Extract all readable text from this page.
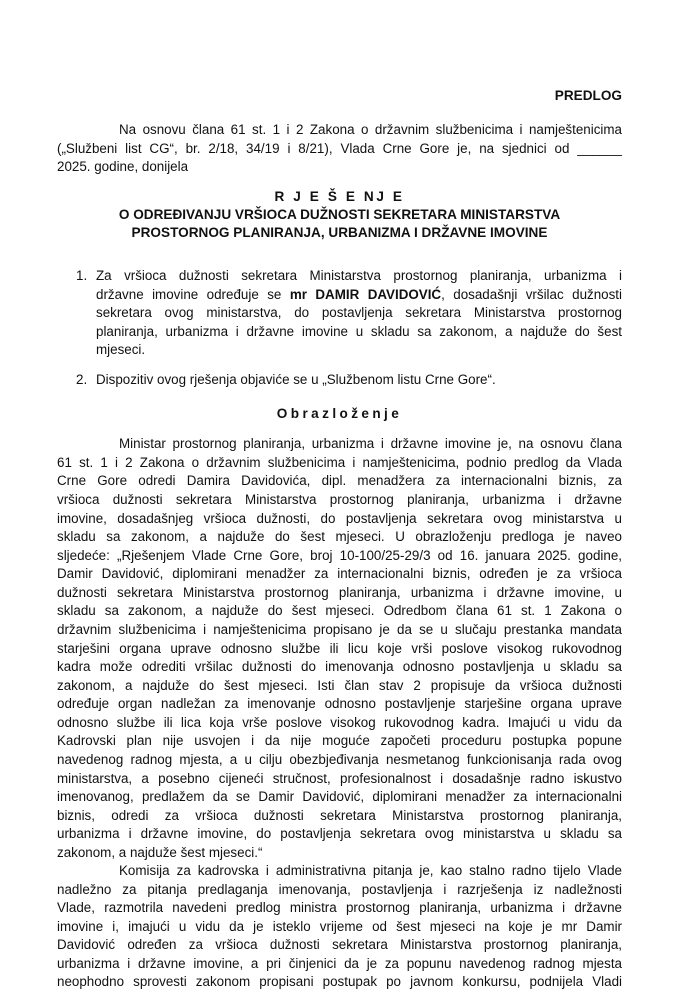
PREDLOG
Na osnovu člana 61 st. 1 i 2 Zakona o državnim službenicima i namještenicima
(„Službeni list CG“, br. 2/18, 34/19 i 8/21), Vlada Crne Gore je, na sjednici od ______
2025. godine, donijela
R J E Š E NJ E
O ODREĐIVANJU VRŠIOCA DUŽNOSTI SEKRETARA MINISTARSTVA
PROSTORNOG PLANIRANJA, URBANIZMA I DRŽAVNE IMOVINE
1. Za vršioca dužnosti sekretara Ministarstva prostornog planiranja, urbanizma i
državne imovine određuje se mr DAMIR DAVIDOVIĆ, dosadašnji vršilac dužnosti
sekretara ovog ministarstva, do postavljenja sekretara Ministarstva prostornog
planiranja, urbanizma i državne imovine u skladu sa zakonom, a najduže do šest
mjeseci.
2. Dispozitiv ovog rješenja objaviće se u „Službenom listu Crne Gore“.
Obrazloženje
Ministar prostornog planiranja, urbanizma i državne imovine je, na osnovu člana
61 st. 1 i 2 Zakona o državnim službenicima i namještenicima, podnio predlog da Vlada
Crne Gore odredi Damira Davidovića, dipl. menadžera za internacionalni biznis, za
vršioca dužnosti sekretara Ministarstva prostornog planiranja, urbanizma i državne
imovine, dosadašnjeg vršioca dužnosti, do postavljenja sekretara ovog ministarstva u
skladu sa zakonom, a najduže do šest mjeseci. U obrazloženju predloga je naveo
sljedeće: „Rješenjem Vlade Crne Gore, broj 10-100/25-29/3 od 16. januara 2025. godine,
Damir Davidović, diplomirani menadžer za internacionalni biznis, određen je za vršioca
dužnosti sekretara Ministarstva prostornog planiranja, urbanizma i državne imovine, u
skladu sa zakonom, a najduže do šest mjeseci. Odredbom člana 61 st. 1 Zakona o
državnim službenicima i namještenicima propisano je da se u slučaju prestanka mandata
starješini organa uprave odnosno službe ili licu koje vrši poslove visokog rukovodnog
kadra može odrediti vršilac dužnosti do imenovanja odnosno postavljenja u skladu sa
zakonom, a najduže do šest mjeseci. Isti član stav 2 propisuje da vršioca dužnosti
određuje organ nadležan za imenovanje odnosno postavljenje starješine organa uprave
odnosno službe ili lica koja vrše poslove visokog rukovodnog kadra. Imajući u vidu da
Kadrovski plan nije usvojen i da nije moguće započeti proceduru postupka popune
navedenog radnog mjesta, a u cilju obezbjeđivanja nesmetanog funkcionisanja rada ovog
ministarstva, a posebno cijeneći stručnost, profesionalnost i dosadašnje radno iskustvo
imenovanog, predlažem da se Damir Davidović, diplomirani menadžer za internacionalni
biznis, odredi za vršioca dužnosti sekretara Ministarstva prostornog planiranja,
urbanizma i državne imovine, do postavljenja sekretara ovog ministarstva u skladu sa
zakonom, a najduže šest mjeseci.“
Komisija za kadrovska i administrativna pitanja je, kao stalno radno tijelo Vlade
nadležno za pitanja predlaganja imenovanja, postavljenja i razrješenja iz nadležnosti
Vlade, razmotrila navedeni predlog ministra prostornog planiranja, urbanizma i državne
imovine i, imajući u vidu da je isteklo vrijeme od šest mjeseci na koje je mr Damir
Davidović određen za vršioca dužnosti sekretara Ministarstva prostornog planiranja,
urbanizma i državne imovine, a pri činjenici da je za popunu navedenog radnog mjesta
neophodno sprovesti zakonom propisani postupak po javnom konkursu, podnijela Vladi
